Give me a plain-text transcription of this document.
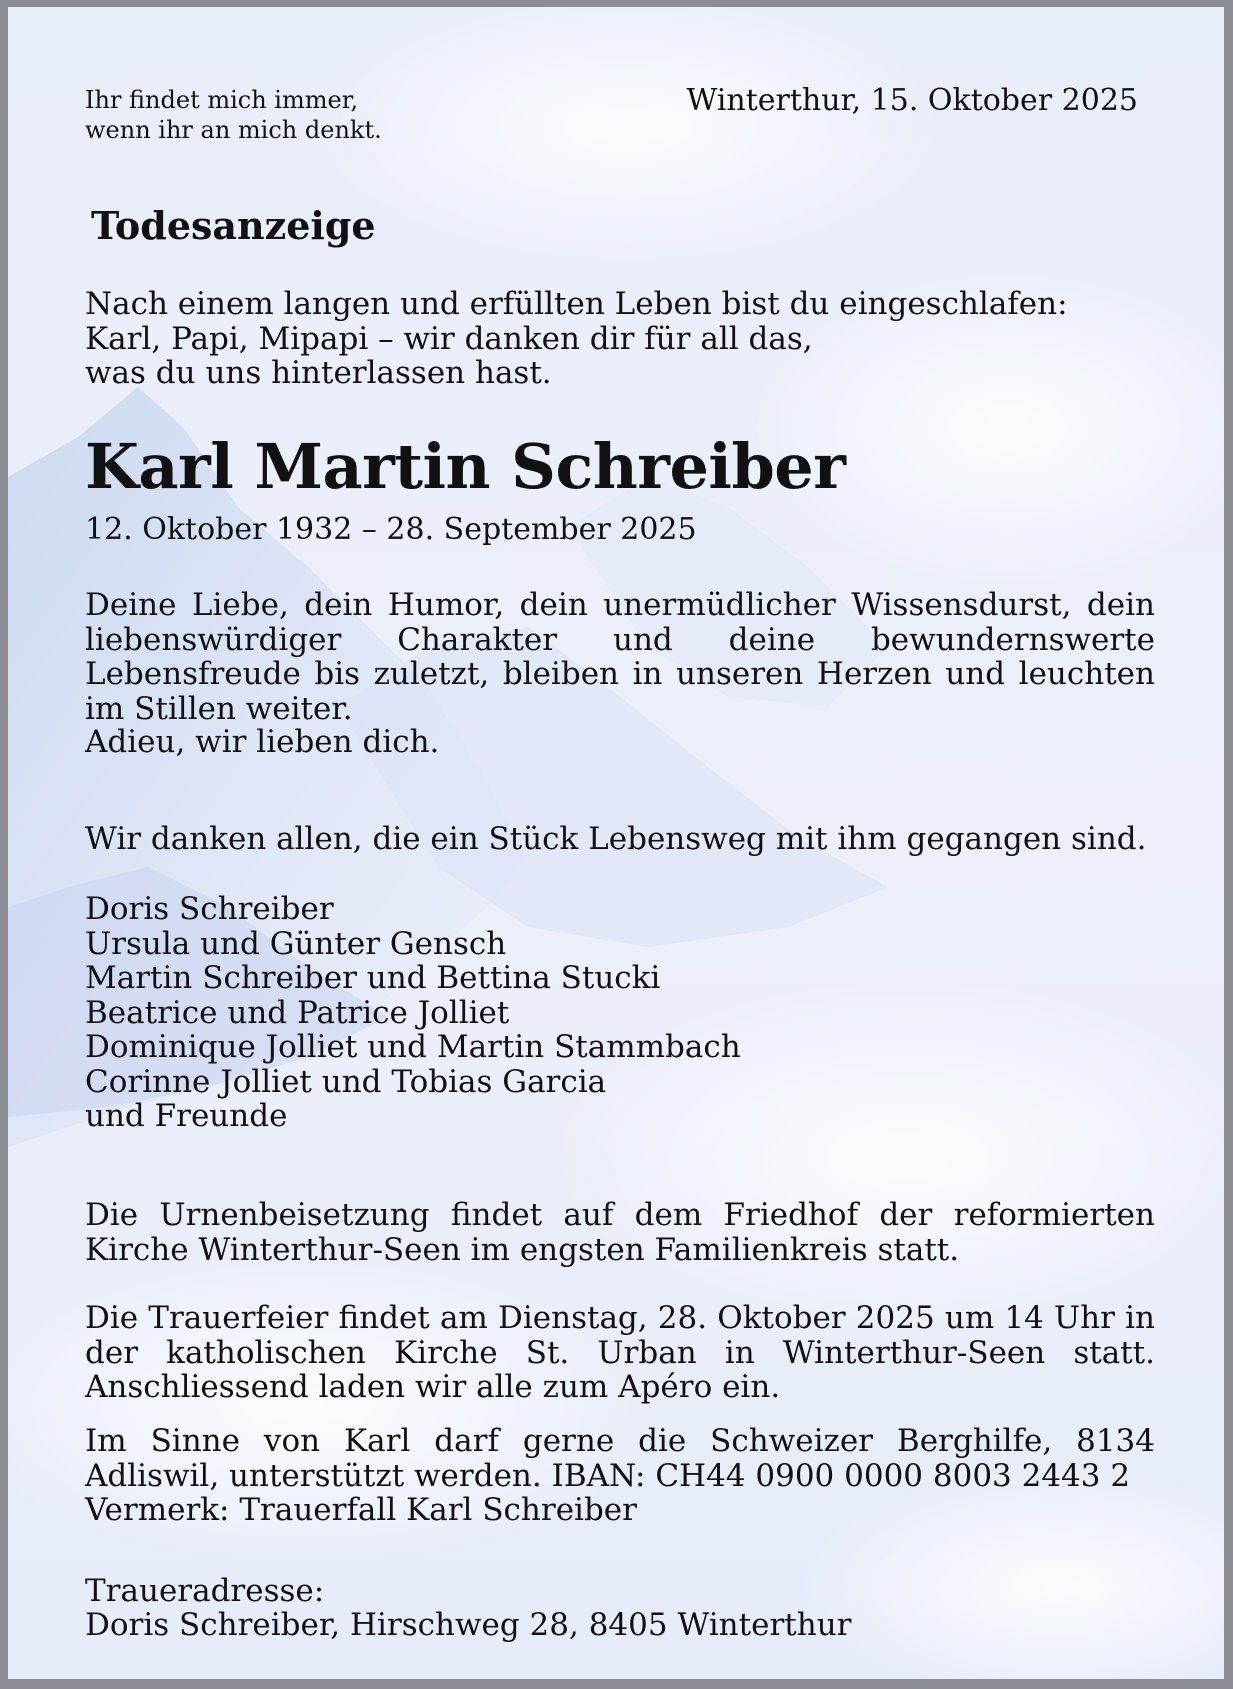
Ihr findet mich immer,
wenn ihr an mich denkt.

Winterthur, 15. Oktober 2025

Todesanzeige

Nach einem langen und erfüllten Leben bist du eingeschlafen:
Karl, Papi, Mipapi – wir danken dir für all das,
was du uns hinterlassen hast.

Karl Martin Schreiber

12. Oktober 1932 – 28. September 2025

Deine Liebe, dein Humor, dein unermüdlicher Wissensdurst, dein liebenswürdiger Charakter und deine bewundernswerte Lebensfreude bis zuletzt, bleiben in unseren Herzen und leuchten im Stillen weiter.

Adieu, wir lieben dich.

Wir danken allen, die ein Stück Lebensweg mit ihm gegangen sind.

Doris Schreiber
Ursula und Günter Gensch
Martin Schreiber und Bettina Stucki
Beatrice und Patrice Jolliet
Dominique Jolliet und Martin Stammbach
Corinne Jolliet und Tobias Garcia
und Freunde

Die Urnenbeisetzung findet auf dem Friedhof der reformierten Kirche Winterthur-Seen im engsten Familienkreis statt.

Die Trauerfeier findet am Dienstag, 28. Oktober 2025 um 14 Uhr in der katholischen Kirche St. Urban in Winterthur-Seen statt. Anschliessend laden wir alle zum Apéro ein.

Im Sinne von Karl darf gerne die Schweizer Berghilfe, 8134 Adliswil, unterstützt werden. IBAN: CH44 0900 0000 8003 2443 2
Vermerk: Trauerfall Karl Schreiber

Traueradresse:

Doris Schreiber, Hirschweg 28, 8405 Winterthur
